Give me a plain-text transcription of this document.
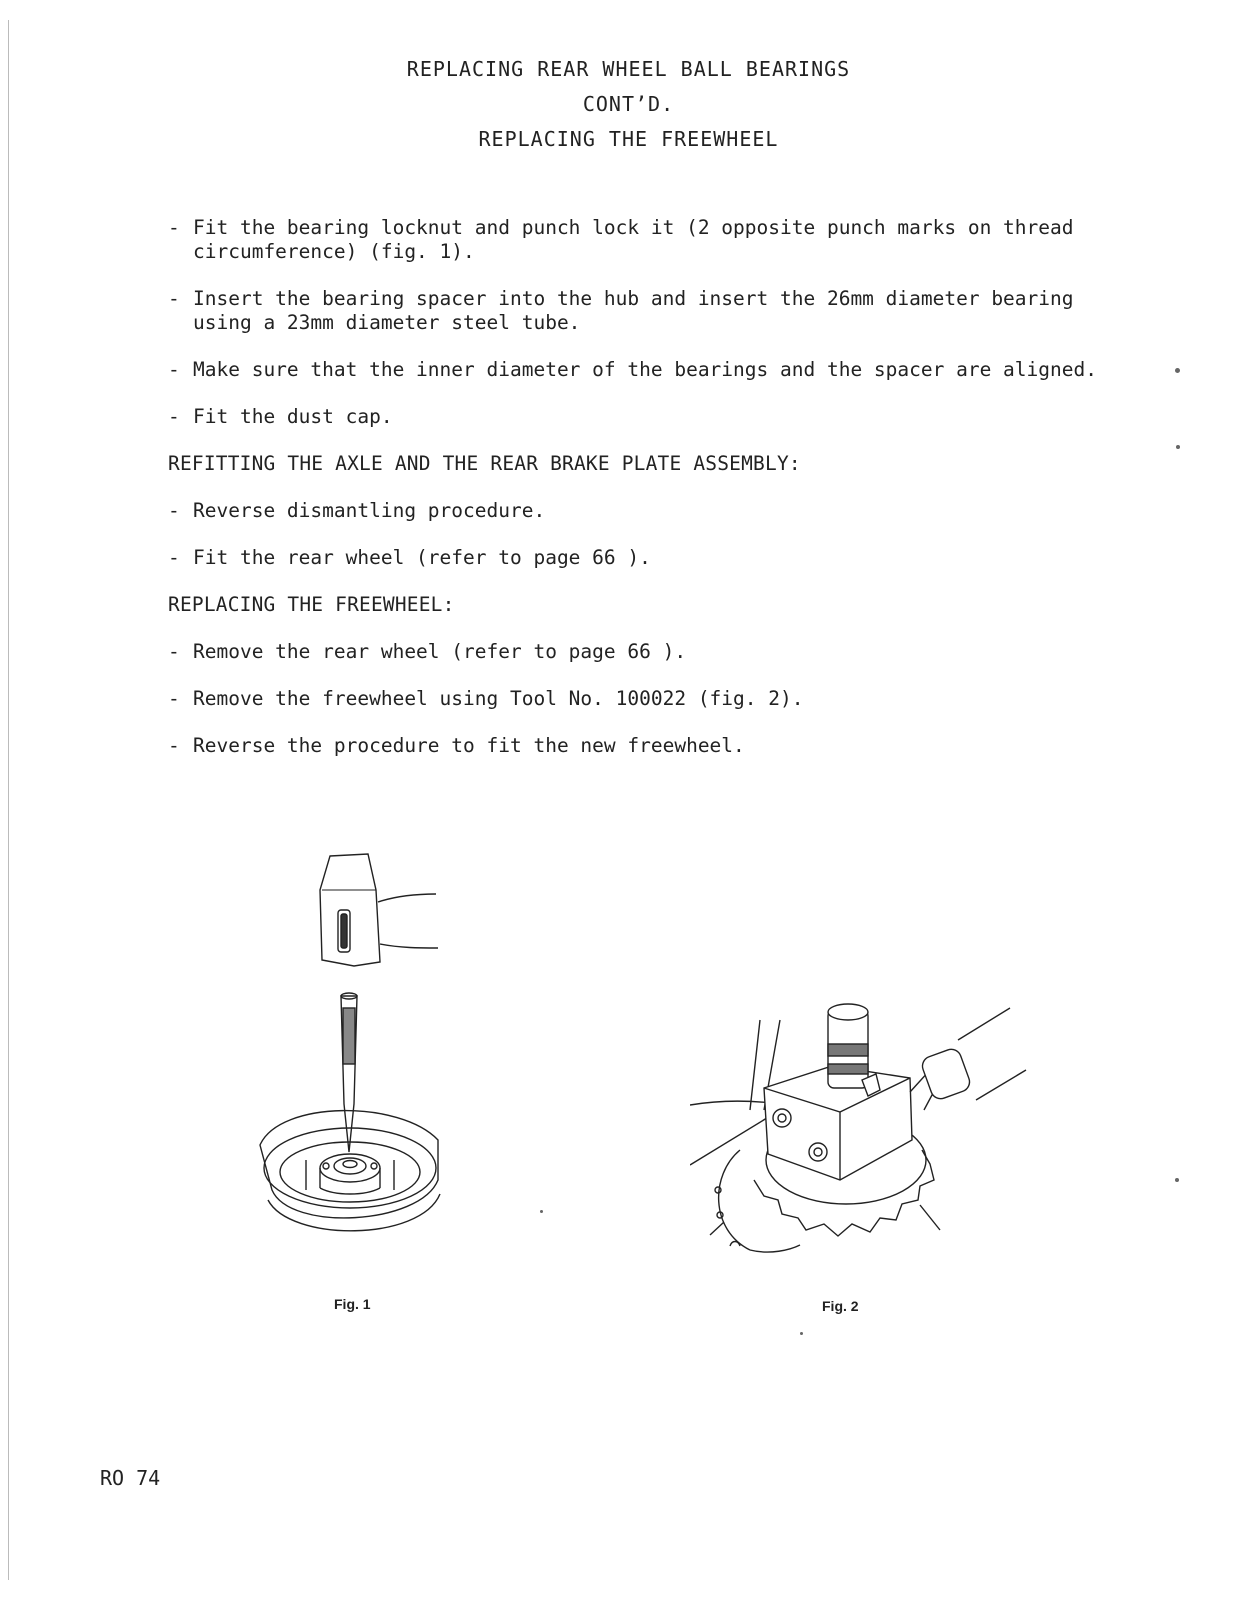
REPLACING REAR WHEEL BALL BEARINGS
CONT’D.
REPLACING THE FREEWHEEL
- Fit the bearing locknut and punch lock it (2 opposite punch marks on thread circumference) (fig. 1).
- Insert the bearing spacer into the hub and insert the 26mm diameter bearing using a 23mm diameter steel tube.
- Make sure that the inner diameter of the bearings and the spacer are aligned.
- Fit the dust cap.
REFITTING THE AXLE AND THE REAR BRAKE PLATE ASSEMBLY:
- Reverse dismantling procedure.
- Fit the rear wheel (refer to page 66 ).
REPLACING THE FREEWHEEL:
- Remove the rear wheel (refer to page 66 ).
- Remove the freewheel using Tool No. 100022 (fig. 2).
- Reverse the procedure to fit the new freewheel.
Fig. 1	Fig. 2
RO 74
